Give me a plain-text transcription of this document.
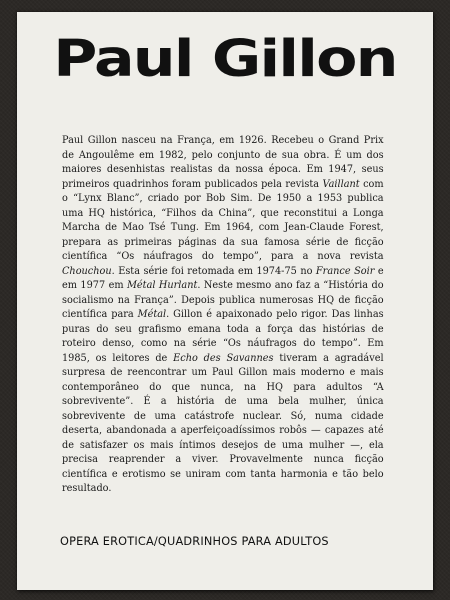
Paul Gillon

Paul Gillon nasceu na França, em 1926. Recebeu o Grand Prix de Angoulême em 1982, pelo conjunto de sua obra. É um dos maiores desenhistas realistas da nossa época. Em 1947, seus primeiros quadrinhos foram publicados pela revista Vaillant com o “Lynx Blanc”, criado por Bob Sim. De 1950 a 1953 publica uma HQ histórica, “Filhos da China”, que reconstitui a Longa Marcha de Mao Tsé Tung. Em 1964, com Jean-Claude Forest, prepara as primeiras páginas da sua famosa série de ficção científica “Os náufragos do tempo”, para a nova revista Chouchou. Esta série foi retomada em 1974-75 no France Soir e em 1977 em Métal Hurlant. Neste mesmo ano faz a “História do socialismo na França”. Depois publica numerosas HQ de ficção científica para Métal. Gillon é apaixonado pelo rigor. Das linhas puras do seu grafismo emana toda a força das histórias de roteiro denso, como na série “Os náufragos do tempo”. Em 1985, os leitores de Echo des Savannes tiveram a agradável surpresa de reencontrar um Paul Gillon mais moderno e mais contemporâneo do que nunca, na HQ para adultos “A sobrevivente”. É a história de uma bela mulher, única sobrevivente de uma catástrofe nuclear. Só, numa cidade deserta, abandonada a aperfeiçoadíssimos robôs — capazes até de satisfazer os mais íntimos desejos de uma mulher —, ela precisa reaprender a viver. Provavelmente nunca ficção científica e erotismo se uniram com tanta harmonia e tão belo resultado.

OPERA EROTICA/QUADRINHOS PARA ADULTOS
